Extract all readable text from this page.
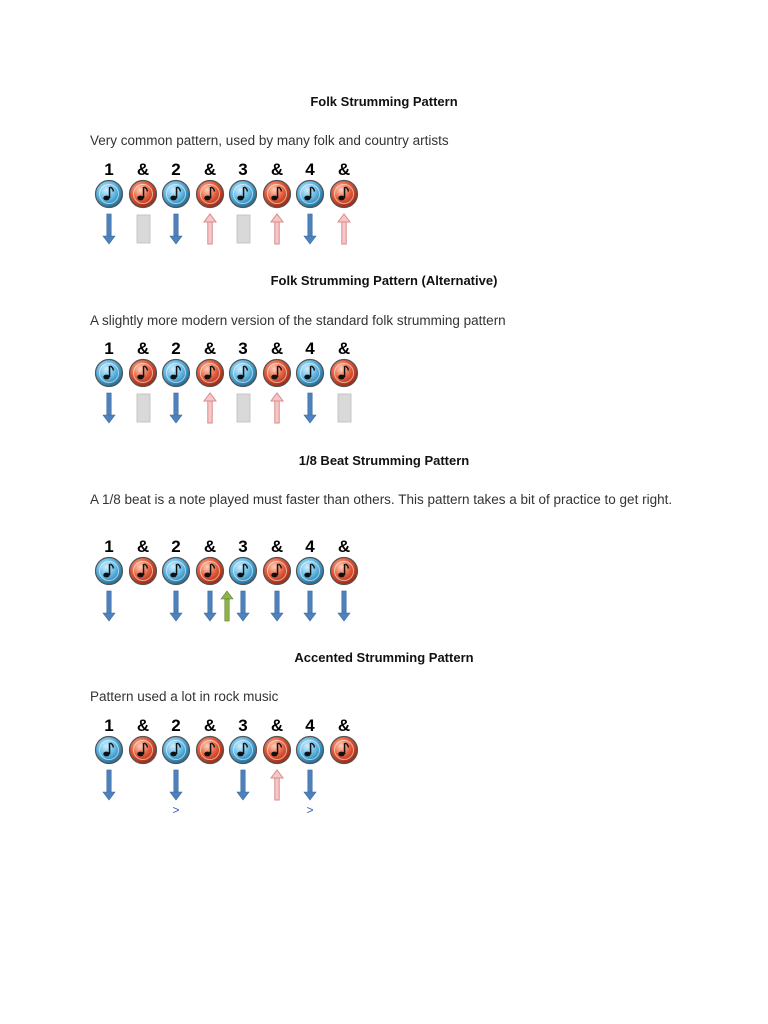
Folk Strumming Pattern
Very common pattern, used by many folk and country artists
1	&	2	&	3	&	4	&
Folk Strumming Pattern (Alternative)
A slightly more modern version of the standard folk strumming pattern
1	&	2	&	3	&	4	&
1/8 Beat Strumming Pattern
A 1/8 beat is a note played must faster than others. This pattern takes a bit of practice to get right.
1	&	2	&	3	&	4	&
Accented Strumming Pattern
Pattern used a lot in rock music
1	&	2
>
&	3	&	4
>
&
